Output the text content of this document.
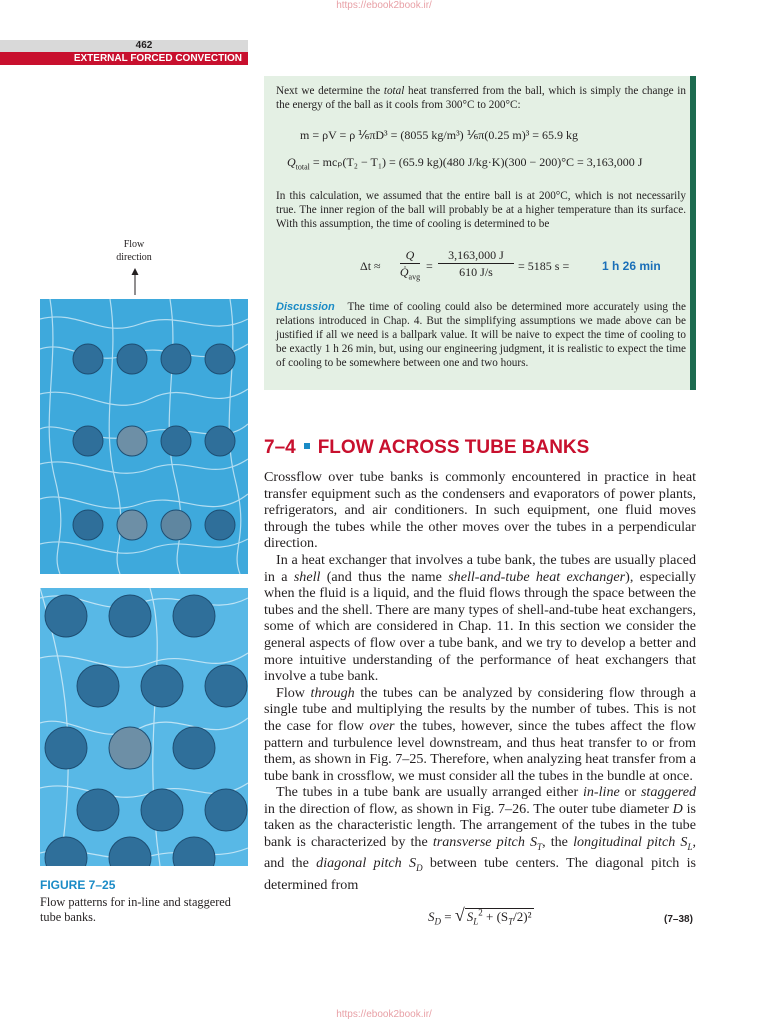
https://ebook2book.ir/
462
EXTERNAL FORCED CONVECTION
Flow
direction
FIGURE 7–25
Flow patterns for in-line and staggered tube banks.

Next we determine the total heat transferred from the ball, which is simply the change in the energy of the ball as it cools from 300°C to 200°C:

m = ρV = ρ ⅙πD³ = (8055 kg/m³) ⅙π(0.25 m)³ = 65.9 kg
$Q_{total} = mc_p(T_2 - T_1) = (65.9$ kg)(480 J/kg·K)(300 − 200)°C = 3,163,000 J

In this calculation, we assumed that the entire ball is at 200°C, which is not necessarily true. The inner region of the ball will probably be at a higher temperature than its surface. With this assumption, the time of cooling is determined to be

Δt ≈
Q
$Q̇_{avg}$
=
3,163,000 J
610 J/s	= 5185 s =	1 h 26 min

Discussion The time of cooling could also be determined more accurately using the relations introduced in Chap. 4. But the simplifying assumptions we made above can be justified if all we need is a ballpark value. It will be naive to expect the time of cooling to be exactly 1 h 26 min, but, using our engineering judgment, it is realistic to expect the time of cooling to be somewhere between one and two hours.

7–4 FLOW ACROSS TUBE BANKS

Crossflow over tube banks is commonly encountered in practice in heat transfer equipment such as the condensers and evaporators of power plants, refrigerators, and air conditioners. In such equipment, one fluid moves through the tubes while the other moves over the tubes in a perpendicular direction.

In a heat exchanger that involves a tube bank, the tubes are usually placed in a shell (and thus the name shell-and-tube heat exchanger), especially when the fluid is a liquid, and the fluid flows through the space between the tubes and the shell. There are many types of shell-and-tube heat exchangers, some of which are considered in Chap. 11. In this section we consider the general aspects of flow over a tube bank, and we try to develop a better and more intuitive understanding of the performance of heat exchangers that involve a tube bank.

Flow through the tubes can be analyzed by considering flow through a single tube and multiplying the results by the number of tubes. This is not the case for flow over the tubes, however, since the tubes affect the flow pattern and turbulence level downstream, and thus heat transfer to or from them, as shown in Fig. 7–25. Therefore, when analyzing heat transfer from a tube bank in crossflow, we must consider all the tubes in the bundle at once.

The tubes in a tube bank are usually arranged either in-line or staggered in the direction of flow, as shown in Fig. 7–26. The outer tube diameter D is taken as the characteristic length. The arrangement of the tubes in the tube bank is characterized by the transverse pitch $S_T$, the longitudinal pitch $S_L$, and the diagonal pitch $S_D$ between tube centers. The diagonal pitch is determined from

$S_D$ = √ $S_L^2 + (S_T/2)^2$	(7–38)
https://ebook2book.ir/
